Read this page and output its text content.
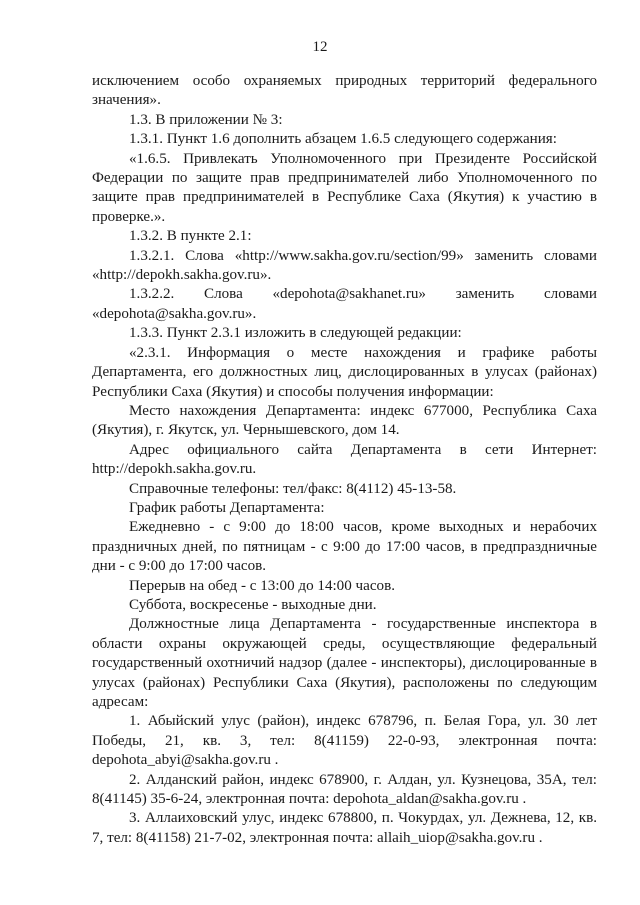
12

исключением особо охраняемых природных территорий федерального значения».

1.3. В приложении № 3:

1.3.1. Пункт 1.6 дополнить абзацем 1.6.5 следующего содержания:

«1.6.5. Привлекать Уполномоченного при Президенте Российской Федерации по защите прав предпринимателей либо Уполномоченного по защите прав предпринимателей в Республике Саха (Якутия) к участию в проверке.».

1.3.2. В пункте 2.1:

1.3.2.1. Слова «http://www.sakha.gov.ru/section/99» заменить словами «http://depokh.sakha.gov.ru».

1.3.2.2. Слова «depohota@sakhanet.ru» заменить словами «depohota@sakha.gov.ru».

1.3.3. Пункт 2.3.1 изложить в следующей редакции:

«2.3.1. Информация о месте нахождения и графике работы Департамента, его должностных лиц, дислоцированных в улусах (районах) Республики Саха (Якутия) и способы получения информации:

Место нахождения Департамента: индекс 677000, Республика Саха (Якутия), г. Якутск, ул. Чернышевского, дом 14.

Адрес официального сайта Департамента в сети Интернет: http://depokh.sakha.gov.ru.

Справочные телефоны: тел/факс: 8(4112) 45-13-58.

График работы Департамента:

Ежедневно - с 9:00 до 18:00 часов, кроме выходных и нерабочих праздничных дней, по пятницам - с 9:00 до 17:00 часов, в предпраздничные дни - с 9:00 до 17:00 часов.

Перерыв на обед - с 13:00 до 14:00 часов.

Суббота, воскресенье - выходные дни.

Должностные лица Департамента - государственные инспектора в области охраны окружающей среды, осуществляющие федеральный государственный охотничий надзор (далее - инспекторы), дислоцированные в улусах (районах) Республики Саха (Якутия), расположены по следующим адресам:

1. Абыйский улус (район), индекс 678796, п. Белая Гора, ул. 30 лет Победы, 21, кв. 3, тел: 8(41159) 22-0-93, электронная почта: depohota_abyi@sakha.gov.ru .

2. Алданский район, индекс 678900, г. Алдан, ул. Кузнецова, 35А, тел: 8(41145) 35-6-24, электронная почта: depohota_aldan@sakha.gov.ru .

3. Аллаиховский улус, индекс 678800, п. Чокурдах, ул. Дежнева, 12, кв. 7, тел: 8(41158) 21-7-02, электронная почта: allaih_uiop@sakha.gov.ru .
